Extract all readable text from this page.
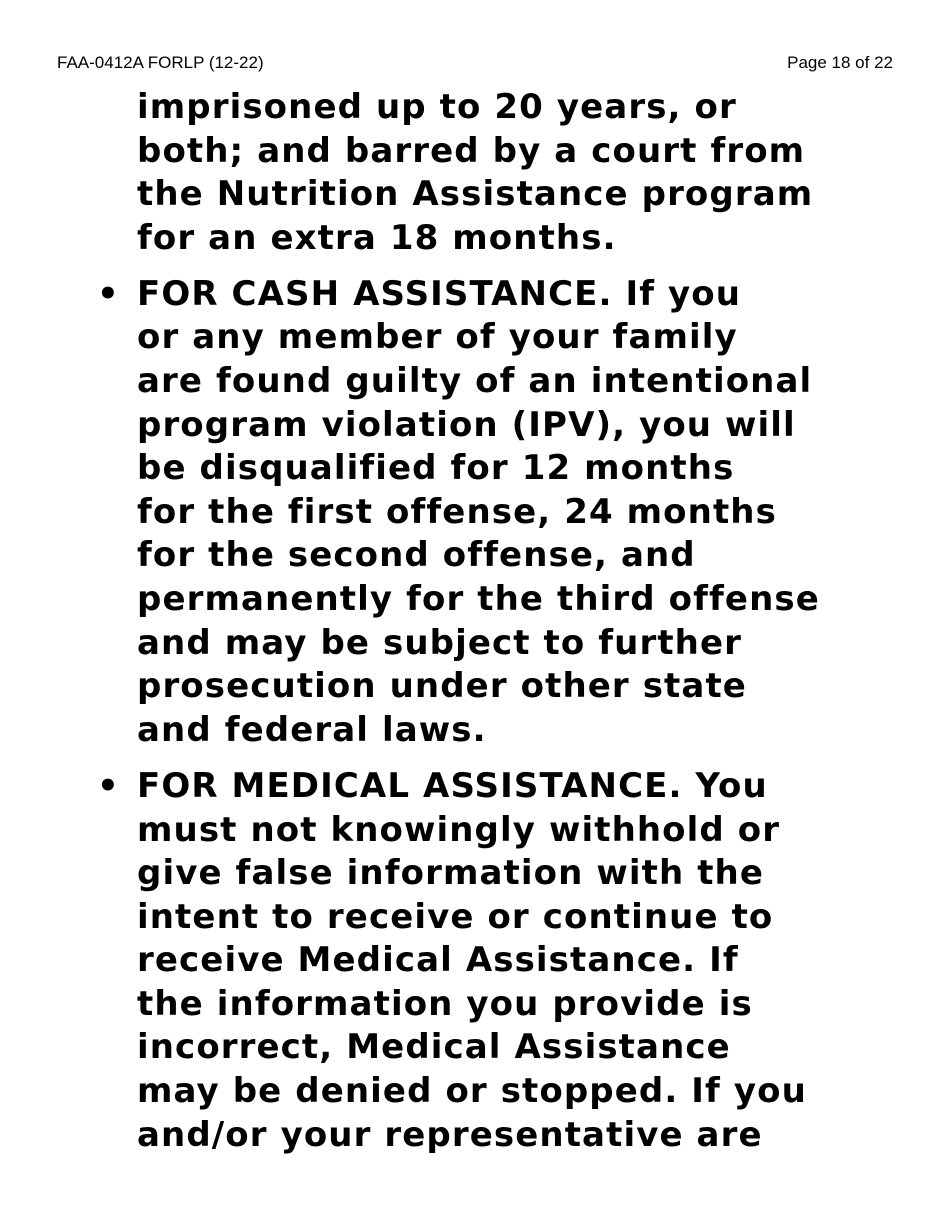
FAA-0412A FORLP (12-22)	Page 18 of 22
imprisoned up to 20 years, or
both; and barred by a court from
the Nutrition Assistance program
for an extra 18 months.
• FOR CASH ASSISTANCE. If you
or any member of your family
are found guilty of an intentional
program violation (IPV), you will
be disqualified for 12 months
for the first offense, 24 months
for the second offense, and
permanently for the third offense
and may be subject to further
prosecution under other state
and federal laws.
• FOR MEDICAL ASSISTANCE. You
must not knowingly withhold or
give false information with the
intent to receive or continue to
receive Medical Assistance. If
the information you provide is
incorrect, Medical Assistance
may be denied or stopped. If you
and/or your representative are
